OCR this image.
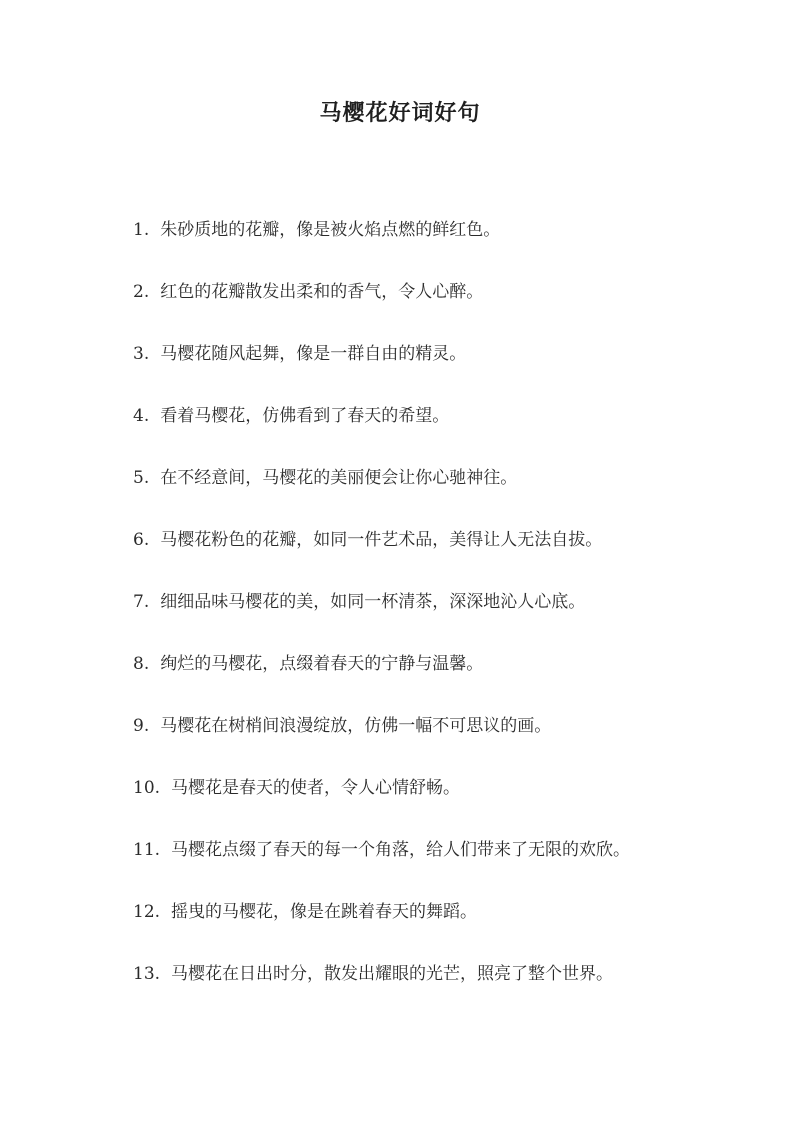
马樱花好词好句
1. 朱砂质地的花瓣，像是被火焰点燃的鲜红色。
2. 红色的花瓣散发出柔和的香气，令人心醉。
3. 马樱花随风起舞，像是一群自由的精灵。
4. 看着马樱花，仿佛看到了春天的希望。
5. 在不经意间，马樱花的美丽便会让你心驰神往。
6. 马樱花粉色的花瓣，如同一件艺术品，美得让人无法自拔。
7. 细细品味马樱花的美，如同一杯清茶，深深地沁人心底。
8. 绚烂的马樱花，点缀着春天的宁静与温馨。
9. 马樱花在树梢间浪漫绽放，仿佛一幅不可思议的画。
10. 马樱花是春天的使者，令人心情舒畅。
11. 马樱花点缀了春天的每一个角落，给人们带来了无限的欢欣。
12. 摇曳的马樱花，像是在跳着春天的舞蹈。
13. 马樱花在日出时分，散发出耀眼的光芒，照亮了整个世界。
